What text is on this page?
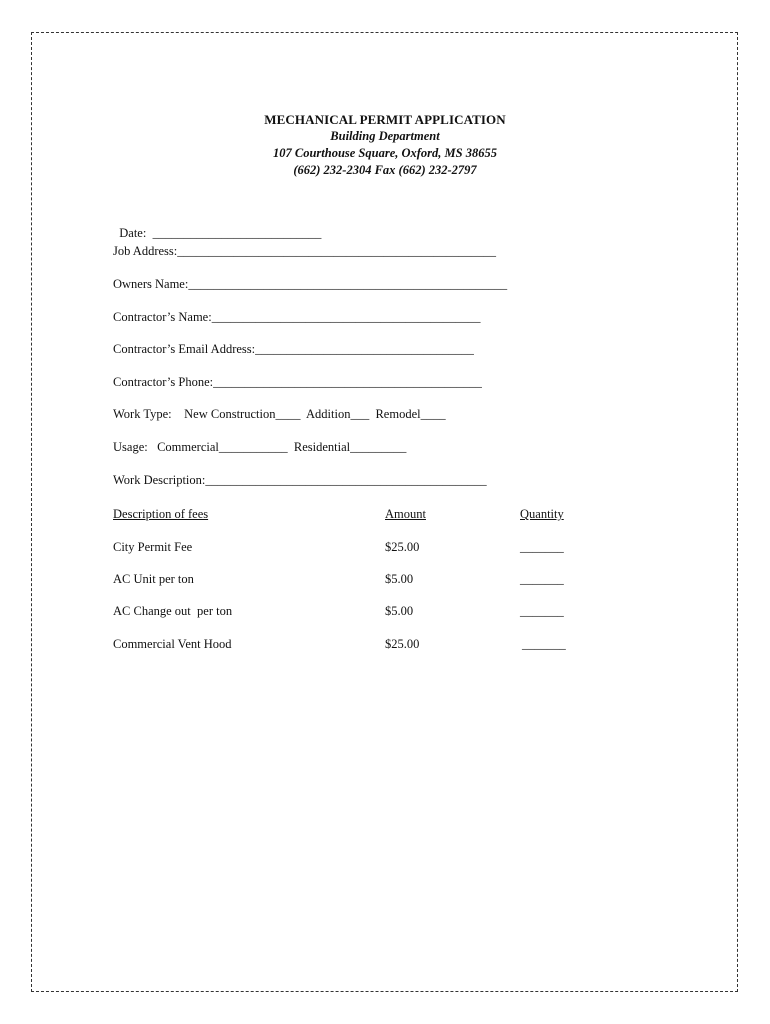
MECHANICAL PERMIT APPLICATION
Building Department
107 Courthouse Square, Oxford, MS 38655
(662) 232-2304 Fax (662) 232-2797

Date:  ___________________________

Job Address:___________________________________________________
Owners Name:___________________________________________________
Contractor’s Name:___________________________________________
Contractor’s Email Address:___________________________________
Contractor’s Phone:___________________________________________
Work Type:    New Construction____  Addition___  Remodel____
Usage:   Commercial___________  Residential_________
Work Description:_____________________________________________
Description of fees	Amount	Quantity
City Permit Fee	$25.00	_______
AC Unit per ton	$5.00	_______
AC Change out  per ton	$5.00	_______
Commercial Vent Hood	$25.00	_______
